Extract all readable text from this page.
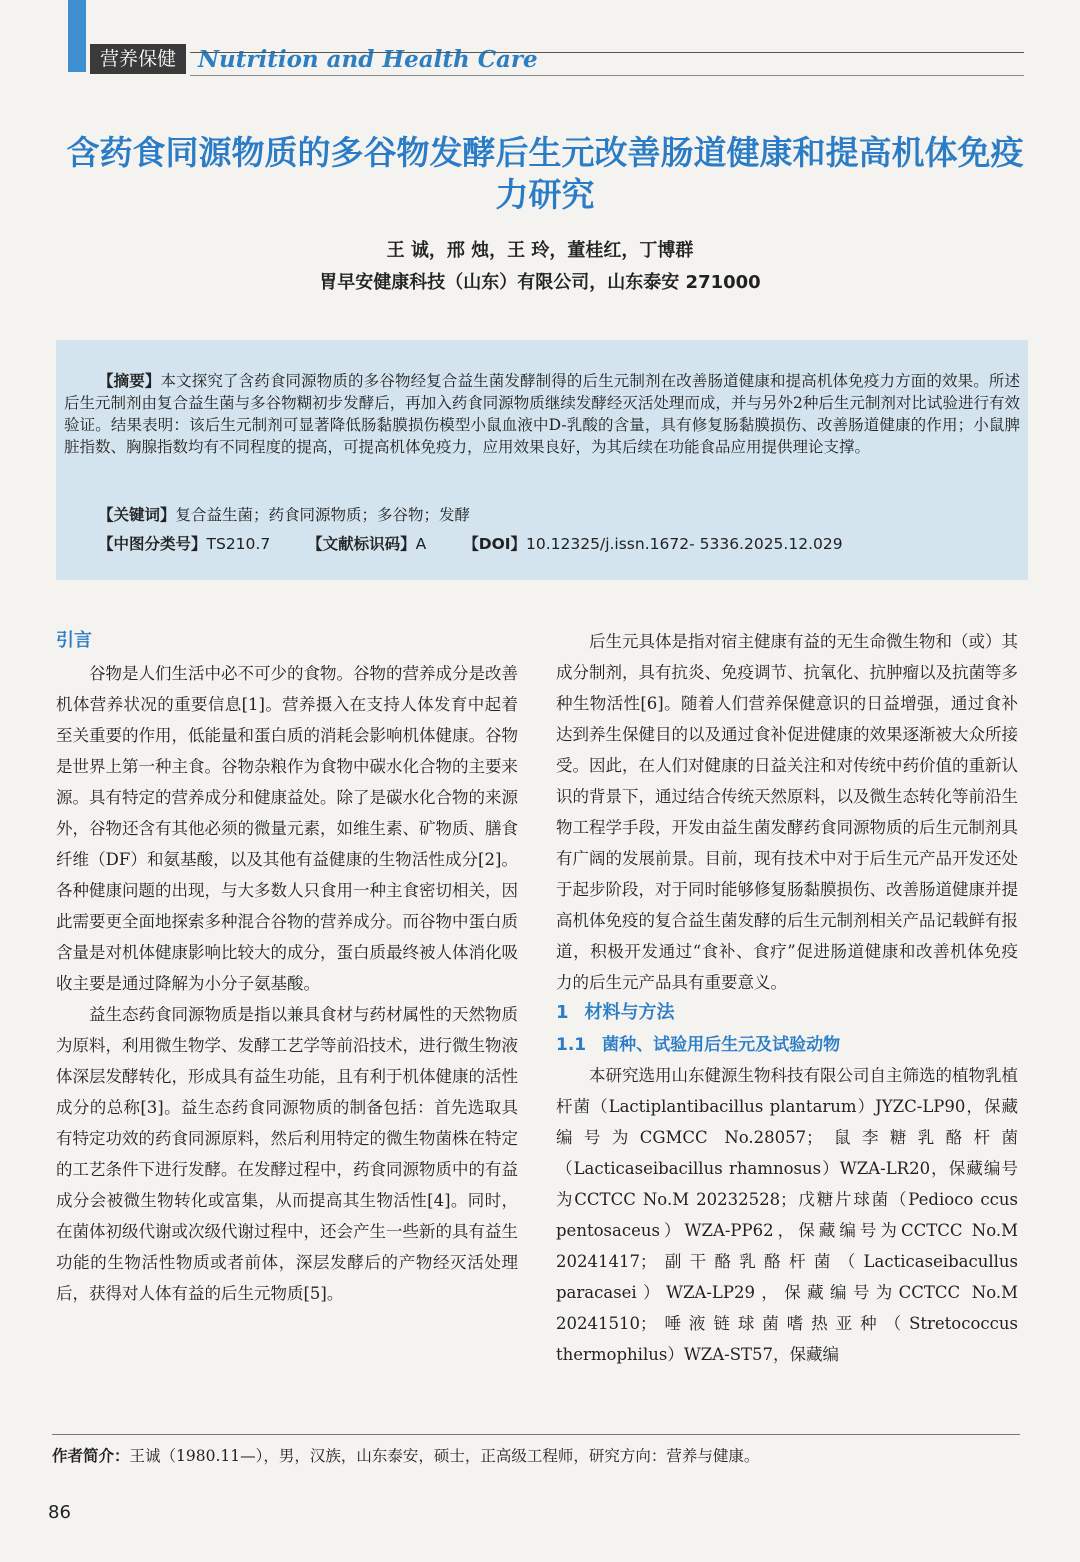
营养保健 Nutrition and Health Care
含药食同源物质的多谷物发酵后生元改善肠道健康和提高机体免疫力研究
王 诚，邢 烛，王 玲，董桂红，丁博群
胃早安健康科技（山东）有限公司，山东泰安 271000

【摘要】本文探究了含药食同源物质的多谷物经复合益生菌发酵制得的后生元制剂在改善肠道健康和提高机体免疫力方面的效果。所述后生元制剂由复合益生菌与多谷物糊初步发酵后，再加入药食同源物质继续发酵经灭活处理而成，并与另外2种后生元制剂对比试验进行有效验证。结果表明：该后生元制剂可显著降低肠黏膜损伤模型小鼠血液中D-乳酸的含量，具有修复肠黏膜损伤、改善肠道健康的作用；小鼠脾脏指数、胸腺指数均有不同程度的提高，可提高机体免疫力，应用效果良好，为其后续在功能食品应用提供理论支撑。

【关键词】复合益生菌；药食同源物质；多谷物；发酵
【中图分类号】TS210.7 【文献标识码】A 【DOI】10.12325/j.issn.1672- 5336.2025.12.029
引言

谷物是人们生活中必不可少的食物。谷物的营养成分是改善机体营养状况的重要信息[1]。营养摄入在支持人体发育中起着至关重要的作用，低能量和蛋白质的消耗会影响机体健康。谷物是世界上第一种主食。谷物杂粮作为食物中碳水化合物的主要来源。具有特定的营养成分和健康益处。除了是碳水化合物的来源外，谷物还含有其他必须的微量元素，如维生素、矿物质、膳食纤维（DF）和氨基酸，以及其他有益健康的生物活性成分[2]。各种健康问题的出现，与大多数人只食用一种主食密切相关，因此需要更全面地探索多种混合谷物的营养成分。而谷物中蛋白质含量是对机体健康影响比较大的成分，蛋白质最终被人体消化吸收主要是通过降解为小分子氨基酸。

益生态药食同源物质是指以兼具食材与药材属性的天然物质为原料，利用微生物学、发酵工艺学等前沿技术，进行微生物液体深层发酵转化，形成具有益生功能，且有利于机体健康的活性成分的总称[3]。益生态药食同源物质的制备包括：首先选取具有特定功效的药食同源原料，然后利用特定的微生物菌株在特定的工艺条件下进行发酵。在发酵过程中，药食同源物质中的有益成分会被微生物转化或富集，从而提高其生物活性[4]。同时，在菌体初级代谢或次级代谢过程中，还会产生一些新的具有益生功能的生物活性物质或者前体，深层发酵后的产物经灭活处理后，获得对人体有益的后生元物质[5]。

后生元具体是指对宿主健康有益的无生命微生物和（或）其成分制剂，具有抗炎、免疫调节、抗氧化、抗肿瘤以及抗菌等多种生物活性[6]。随着人们营养保健意识的日益增强，通过食补达到养生保健目的以及通过食补促进健康的效果逐渐被大众所接受。因此，在人们对健康的日益关注和对传统中药价值的重新认识的背景下，通过结合传统天然原料，以及微生态转化等前沿生物工程学手段，开发由益生菌发酵药食同源物质的后生元制剂具有广阔的发展前景。目前，现有技术中对于后生元产品开发还处于起步阶段，对于同时能够修复肠黏膜损伤、改善肠道健康并提高机体免疫的复合益生菌发酵的后生元制剂相关产品记载鲜有报道，积极开发通过“食补、食疗”促进肠道健康和改善机体免疫力的后生元产品具有重要意义。

1 材料与方法
1.1 菌种、试验用后生元及试验动物

本研究选用山东健源生物科技有限公司自主筛选的植物乳植杆菌（Lactiplantibacillus plantarum）JYZC-LP90，保藏编号为CGMCC No.28057；鼠李糖乳酪杆菌（Lacticaseibacillus rhamnosus）WZA-LR20，保藏编号为CCTCC No.M 20232528；戊糖片球菌（Pedioco ccus pentosaceus）WZA-PP62，保藏编号为CCTCC No.M 20241417；副干酪乳酪杆菌（Lacticaseibacullus paracasei）WZA-LP29，保藏编号为CCTCC No.M 20241510；唾液链球菌嗜热亚种（Stretococcus thermophilus）WZA-ST57，保藏编

作者简介：王诚（1980.11—），男，汉族，山东泰安，硕士，正高级工程师，研究方向：营养与健康。
86
